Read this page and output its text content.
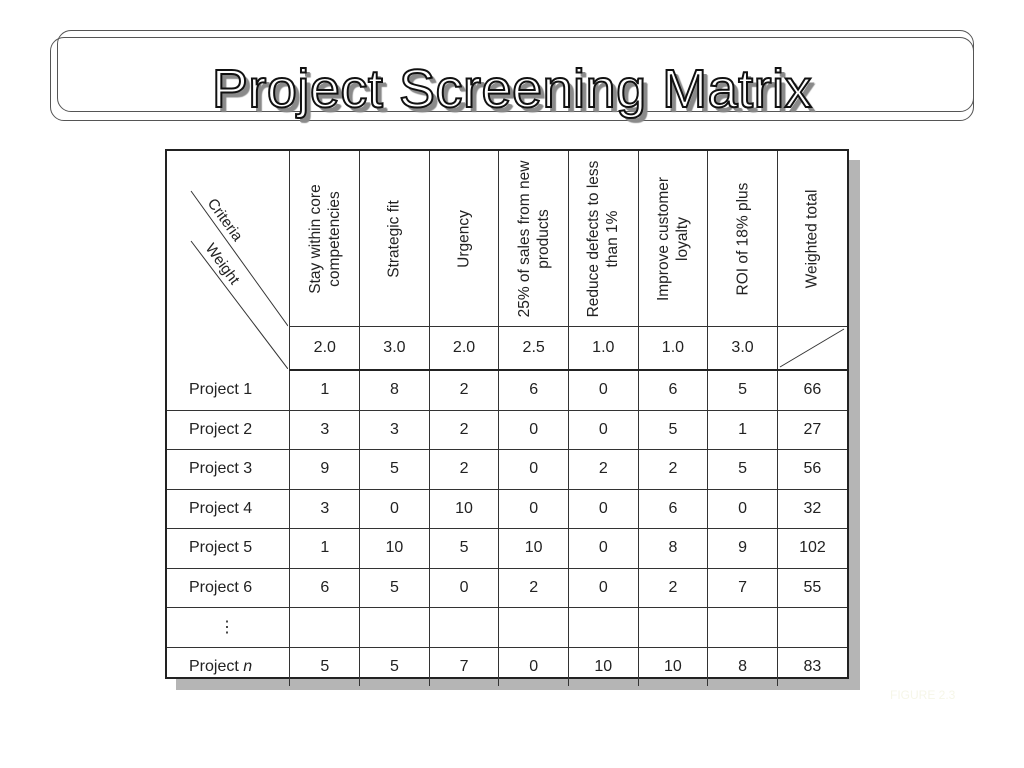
Project Screening Matrix
Criteria
Weight	Stay within core competencies	Strategic fit	Urgency	25% of sales from new products	Reduce defects to less than 1%	Improve customer loyalty	ROI of 18% plus	Weighted total

	2.0	3.0	2.0	2.5	1.0	1.0	3.0	

Project 1	1	8	2	6	0	6	5	66
Project 2	3	3	2	0	0	5	1	27
Project 3	9	5	2	0	2	2	5	56
Project 4	3	0	10	0	0	6	0	32
Project 5	1	10	5	10	0	8	9	102
Project 6	6	5	0	2	0	2	7	55
⋮								
Project n	5	5	7	0	10	10	8	83
FIGURE 2.3
